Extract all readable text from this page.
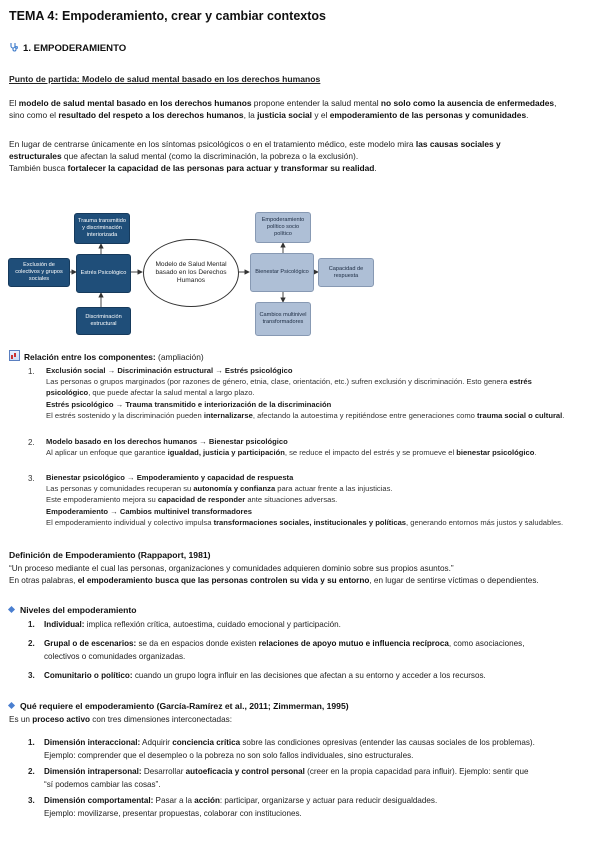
TEMA 4: Empoderamiento, crear y cambiar contextos
1. EMPODERAMIENTO
Punto de partida: Modelo de salud mental basado en los derechos humanos

El modelo de salud mental basado en los derechos humanos propone entender la salud mental no solo como la ausencia de enfermedades,
sino como el resultado del respeto a los derechos humanos, la justicia social y el empoderamiento de las personas y comunidades.

En lugar de centrarse únicamente en los síntomas psicológicos o en el tratamiento médico, este modelo mira las causas sociales y
estructurales que afectan la salud mental (como la discriminación, la pobreza o la exclusión).
También busca fortalecer la capacidad de las personas para actuar y transformar su realidad.

Trauma transmitido y discriminación interiorizada
Exclusión de colectivos y grupos sociales
Estrés Psicológico
Discriminación estructural
Modelo de Salud Mental basado en los Derechos Humanos
Empoderamiento político socio político
Bienestar Psicológico
Capacidad de respuesta
Cambios multinivel transformadores
Relación entre los componentes: (ampliación)
1.	Exclusión social → Discriminación estructural → Estrés psicológico
Las personas o grupos marginados (por razones de género, etnia, clase, orientación, etc.) sufren exclusión y discriminación. Esto genera estrés
psicológico, que puede afectar la salud mental a largo plazo.
Estrés psicológico → Trauma transmitido e interiorización de la discriminación
El estrés sostenido y la discriminación pueden internalizarse, afectando la autoestima y repitiéndose entre generaciones como trauma social o cultural.
2.	Modelo basado en los derechos humanos → Bienestar psicológico
Al aplicar un enfoque que garantice igualdad, justicia y participación, se reduce el impacto del estrés y se promueve el bienestar psicológico.
3.	Bienestar psicológico → Empoderamiento y capacidad de respuesta
Las personas y comunidades recuperan su autonomía y confianza para actuar frente a las injusticias.
Este empoderamiento mejora su capacidad de responder ante situaciones adversas.
Empoderamiento → Cambios multinivel transformadores
El empoderamiento individual y colectivo impulsa transformaciones sociales, institucionales y políticas, generando entornos más justos y saludables.
Definición de Empoderamiento (Rappaport, 1981)

“Un proceso mediante el cual las personas, organizaciones y comunidades adquieren dominio sobre sus propios asuntos.”
En otras palabras, el empoderamiento busca que las personas controlen su vida y su entorno, en lugar de sentirse víctimas o dependientes.

Niveles del empoderamiento
1. Individual: implica reflexión crítica, autoestima, cuidado emocional y participación.
2. Grupal o de escenarios: se da en espacios donde existen relaciones de apoyo mutuo e influencia recíproca, como asociaciones,
colectivos o comunidades organizadas.
3. Comunitario o político: cuando un grupo logra influir en las decisiones que afectan a su entorno y acceder a los recursos.
Qué requiere el empoderamiento (García-Ramírez et al., 2011; Zimmerman, 1995)

Es un proceso activo con tres dimensiones interconectadas:

1. Dimensión interaccional: Adquirir conciencia crítica sobre las condiciones opresivas (entender las causas sociales de los problemas).
Ejemplo: comprender que el desempleo o la pobreza no son solo fallos individuales, sino estructurales.
2. Dimensión intrapersonal: Desarrollar autoeficacia y control personal (creer en la propia capacidad para influir). Ejemplo: sentir que
“sí podemos cambiar las cosas”.
3. Dimensión comportamental: Pasar a la acción: participar, organizarse y actuar para reducir desigualdades.
Ejemplo: movilizarse, presentar propuestas, colaborar con instituciones.
